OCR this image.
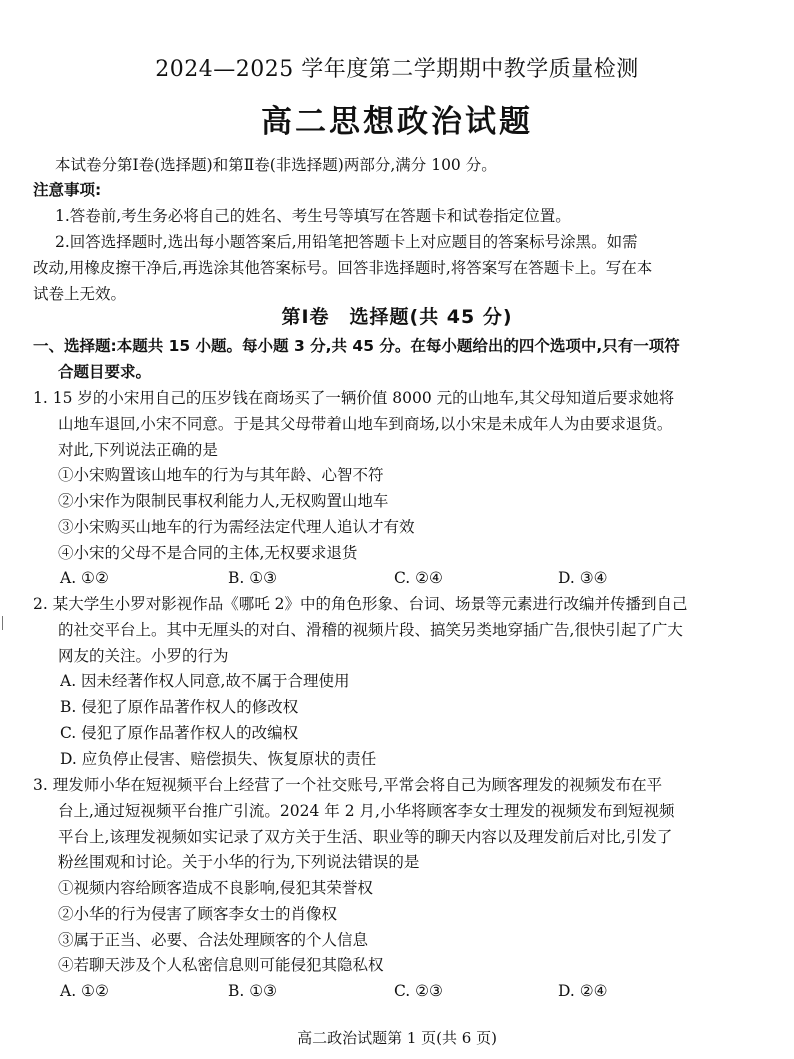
2024—2025 学年度第二学期期中教学质量检测
高二思想政治试题
本试卷分第Ⅰ卷(选择题)和第Ⅱ卷(非选择题)两部分,满分 100 分。
注意事项:
1.答卷前,考生务必将自己的姓名、考生号等填写在答题卡和试卷指定位置。
2.回答选择题时,选出每小题答案后,用铅笔把答题卡上对应题目的答案标号涂黑。如需
改动,用橡皮擦干净后,再选涂其他答案标号。回答非选择题时,将答案写在答题卡上。写在本
试卷上无效。
第Ⅰ卷　选择题(共 45 分)
一、选择题:本题共 15 小题。每小题 3 分,共 45 分。在每小题给出的四个选项中,只有一项符
合题目要求。
1. 15 岁的小宋用自己的压岁钱在商场买了一辆价值 8000 元的山地车,其父母知道后要求她将
山地车退回,小宋不同意。于是其父母带着山地车到商场,以小宋是未成年人为由要求退货。
对此,下列说法正确的是
①小宋购置该山地车的行为与其年龄、心智不符
②小宋作为限制民事权利能力人,无权购置山地车
③小宋购买山地车的行为需经法定代理人追认才有效
④小宋的父母不是合同的主体,无权要求退货
A. ①②	B. ①③	C. ②④	D. ③④
2. 某大学生小罗对影视作品《哪吒 2》中的角色形象、台词、场景等元素进行改编并传播到自己
的社交平台上。其中无厘头的对白、滑稽的视频片段、搞笑另类地穿插广告,很快引起了广大
网友的关注。小罗的行为
A. 因未经著作权人同意,故不属于合理使用
B. 侵犯了原作品著作权人的修改权
C. 侵犯了原作品著作权人的改编权
D. 应负停止侵害、赔偿损失、恢复原状的责任
3. 理发师小华在短视频平台上经营了一个社交账号,平常会将自己为顾客理发的视频发布在平
台上,通过短视频平台推广引流。2024 年 2 月,小华将顾客李女士理发的视频发布到短视频
平台上,该理发视频如实记录了双方关于生活、职业等的聊天内容以及理发前后对比,引发了
粉丝围观和讨论。关于小华的行为,下列说法错误的是
①视频内容给顾客造成不良影响,侵犯其荣誉权
②小华的行为侵害了顾客李女士的肖像权
③属于正当、必要、合法处理顾客的个人信息
④若聊天涉及个人私密信息则可能侵犯其隐私权
A. ①②	B. ①③	C. ②③	D. ②④
高二政治试题第 1 页(共 6 页)
